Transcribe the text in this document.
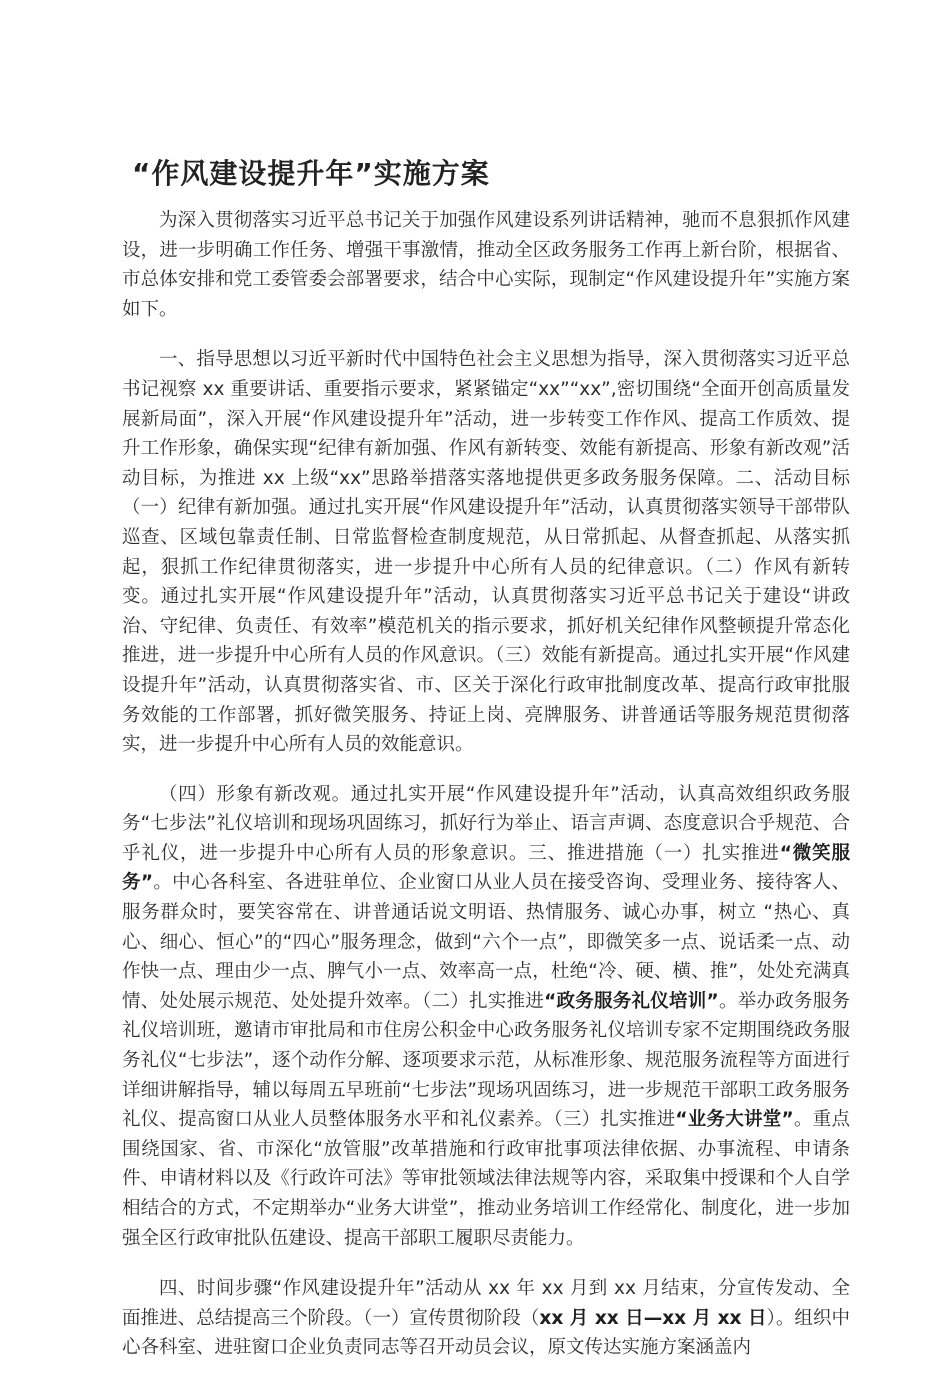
“作风建设提升年”实施方案

为深入贯彻落实习近平总书记关于加强作风建设系列讲话精神，驰而不息狠抓作风建设，进一步明确工作任务、增强干事激情，推动全区政务服务工作再上新台阶，根据省、市总体安排和党工委管委会部署要求，结合中心实际，现制定“作风建设提升年”实施方案如下。

一、指导思想以习近平新时代中国特色社会主义思想为指导，深入贯彻落实习近平总书记视察 xx 重要讲话、重要指示要求，紧紧锚定“xx”“xx”,密切围绕“全面开创高质量发展新局面”，深入开展“作风建设提升年”活动，进一步转变工作作风、提高工作质效、提升工作形象，确保实现“纪律有新加强、作风有新转变、效能有新提高、形象有新改观”活动目标，为推进 xx 上级“xx”思路举措落实落地提供更多政务服务保障。二、活动目标（一）纪律有新加强。通过扎实开展“作风建设提升年”活动，认真贯彻落实领导干部带队巡查、区域包靠责任制、日常监督检查制度规范，从日常抓起、从督查抓起、从落实抓起，狠抓工作纪律贯彻落实，进一步提升中心所有人员的纪律意识。（二）作风有新转变。通过扎实开展“作风建设提升年”活动，认真贯彻落实习近平总书记关于建设“讲政治、守纪律、负责任、有效率”模范机关的指示要求，抓好机关纪律作风整顿提升常态化推进，进一步提升中心所有人员的作风意识。（三）效能有新提高。通过扎实开展“作风建设提升年”活动，认真贯彻落实省、市、区关于深化行政审批制度改革、提高行政审批服务效能的工作部署，抓好微笑服务、持证上岗、亮牌服务、讲普通话等服务规范贯彻落实，进一步提升中心所有人员的效能意识。

（四）形象有新改观。通过扎实开展“作风建设提升年”活动，认真高效组织政务服务“七步法”礼仪培训和现场巩固练习，抓好行为举止、语言声调、态度意识合乎规范、合乎礼仪，进一步提升中心所有人员的形象意识。三、推进措施（一）扎实推进“微笑服务”。中心各科室、各进驻单位、企业窗口从业人员在接受咨询、受理业务、接待客人、服务群众时，要笑容常在、讲普通话说文明语、热情服务、诚心办事，树立 “热心、真心、细心、恒心”的“四心”服务理念，做到“六个一点”，即微笑多一点、说话柔一点、动作快一点、理由少一点、脾气小一点、效率高一点，杜绝“冷、硬、横、推”，处处充满真情、处处展示规范、处处提升效率。（二）扎实推进“政务服务礼仪培训”。举办政务服务礼仪培训班，邀请市审批局和市住房公积金中心政务服务礼仪培训专家不定期围绕政务服务礼仪“七步法”，逐个动作分解、逐项要求示范，从标准形象、规范服务流程等方面进行详细讲解指导，辅以每周五早班前“七步法”现场巩固练习，进一步规范干部职工政务服务礼仪、提高窗口从业人员整体服务水平和礼仪素养。（三）扎实推进“业务大讲堂”。重点围绕国家、省、市深化“放管服”改革措施和行政审批事项法律依据、办事流程、申请条件、申请材料以及《行政许可法》等审批领域法律法规等内容，采取集中授课和个人自学相结合的方式，不定期举办“业务大讲堂”，推动业务培训工作经常化、制度化，进一步加强全区行政审批队伍建设、提高干部职工履职尽责能力。

四、时间步骤“作风建设提升年”活动从 xx 年 xx 月到 xx 月结束，分宣传发动、全面推进、总结提高三个阶段。（一）宣传贯彻阶段（xx 月 xx 日—xx 月 xx 日）。组织中心各科室、进驻窗口企业负责同志等召开动员会议，原文传达实施方案涵盖内
